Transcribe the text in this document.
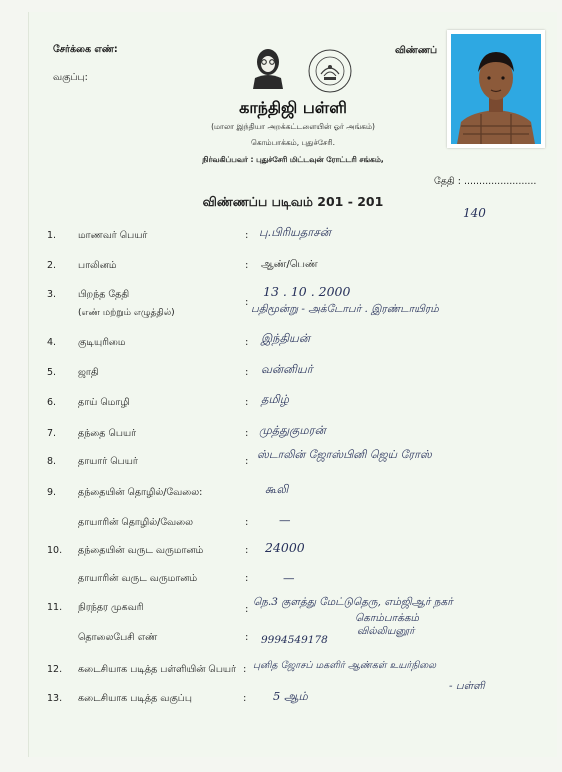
சேர்க்கை எண்:
வகுப்பு:
விண்ணப்
காந்திஜி பள்ளி
(மாலா இந்தியா அறக்கட்டளையின் ஓர் அங்கம்)
கொம்பாக்கம், புதுச்சேரி.
நிர்வகிப்பவர் : புதுச்சேரி மிட்டவுன் ரோட்டரி சங்கம்,
தேதி : ........................
விண்ணப்ப படிவம் 201 - 201
140
1. மாணவர் பெயர்	: பு.பிரியதாசன்
2. பாலினம்	: ஆண்/பெண்
3. பிறந்த தேதி
(எண் மற்றும் எழுத்தில்)
:
13 . 10 . 2000
பதிமூன்று - அக்டோபர் . இரண்டாயிரம்
4. குடியுரிமை	: இந்தியன்
5. ஜாதி	: வன்னியர்
6. தாய் மொழி	: தமிழ்
7. தந்தை பெயர்	: முத்துகுமரன்
8. தாயார் பெயர்	:
ஸ்டாலின் ஜோஸ்பினி ஜெய் ரோஸ்
9. தந்தையின் தொழில்/வேலை:	கூலி
தாயாரின் தொழில்/வேலை	:	—
10. தந்தையின் வருட வருமானம்	: 24000
தாயாரின் வருட வருமானம்	:	—
11. நிரந்தர முகவரி	:
நெ.3 குளத்து மேட்டுதெரு, எம்ஜிஆர் நகர்
கொம்பாக்கம்
வில்லியனூர்
தொலைபேசி எண்	: 9994549178
12. கடைசியாக படித்த பள்ளியின் பெயர் : புனித ஜோசப் மகளிர் ஆண்கள் உயர்நிலை
- பள்ளி
13. கடைசியாக படித்த வகுப்பு	: 5 ஆம்
